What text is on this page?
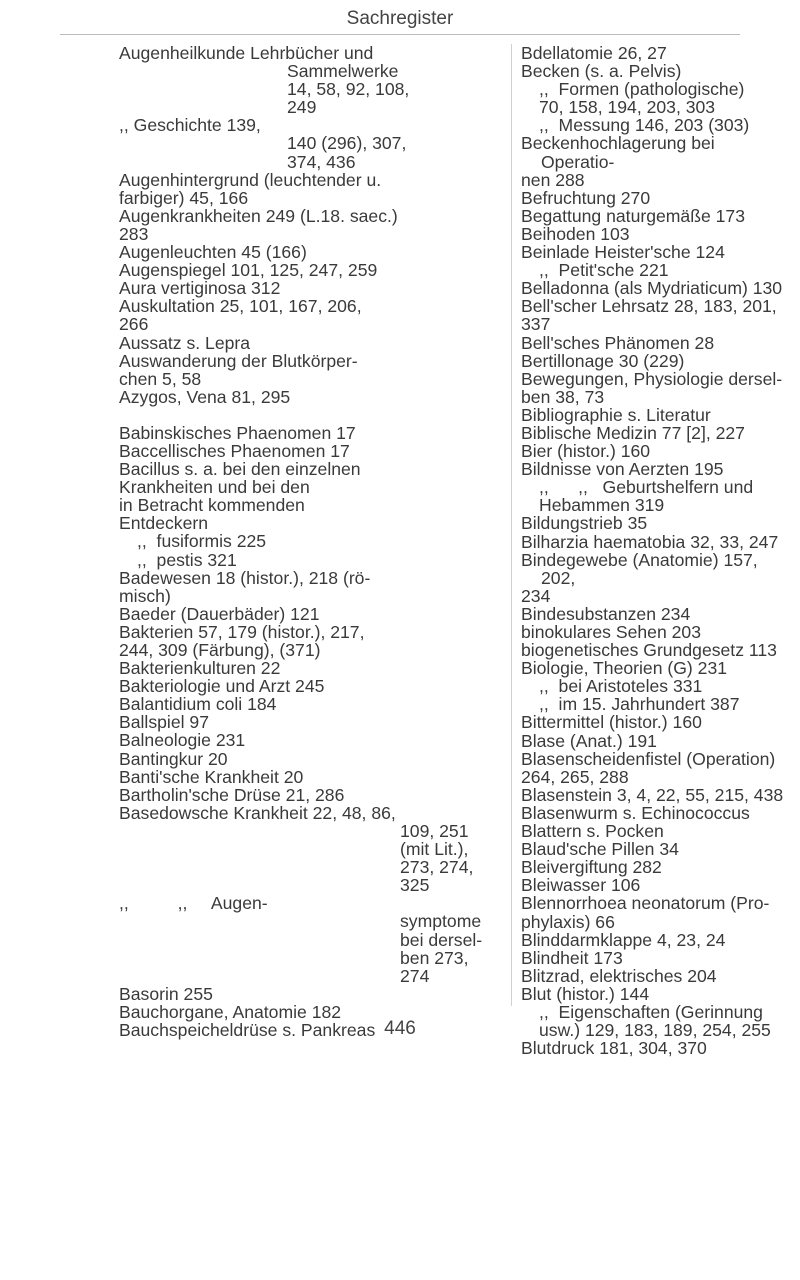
Sachregister
Augenheilkunde Lehrbücher und
Sammelwerke
14, 58, 92, 108,
249
,, Geschichte 139,
140 (296), 307,
374, 436
Augenhintergrund (leuchtender u.
farbiger) 45, 166
Augenkrankheiten 249 (L.18. saec.)
283
Augenleuchten 45 (166)
Augenspiegel 101, 125, 247, 259
Aura vertiginosa 312
Auskultation 25, 101, 167, 206,
266
Aussatz s. Lepra
Auswanderung der Blutkörper-
chen 5, 58
Azygos, Vena 81, 295
Babinskisches Phaenomen 17
Baccellisches Phaenomen 17
Bacillus s. a. bei den einzelnen
Krankheiten und bei den
in Betracht kommenden
Entdeckern
,,  fusiformis 225
,,  pestis 321
Badewesen 18 (histor.), 218 (rö-
misch)
Baeder (Dauerbäder) 121
Bakterien 57, 179 (histor.), 217,
244, 309 (Färbung), (371)
Bakterienkulturen 22
Bakteriologie und Arzt 245
Balantidium coli 184
Ballspiel 97
Balneologie 231
Bantingkur 20
Banti'sche Krankheit 20
Bartholin'sche Drüse 21, 286
Basedowsche Krankheit 22, 48, 86,
109, 251
(mit Lit.),
273, 274,
325
,,          ,,     Augen-
symptome
bei dersel-
ben 273, 274
Basorin 255
Bauchorgane, Anatomie 182
Bauchspeicheldrüse s. Pankreas
Bdellatomie 26, 27
Becken (s. a. Pelvis)
,,  Formen (pathologische)
70, 158, 194, 203, 303
,,  Messung 146, 203 (303)
Beckenhochlagerung bei Operatio-
nen 288
Befruchtung 270
Begattung naturgemäße 173
Beihoden 103
Beinlade Heister'sche 124
,,  Petit'sche 221
Belladonna (als Mydriaticum) 130
Bell'scher Lehrsatz 28, 183, 201,
337
Bell'sches Phänomen 28
Bertillonage 30 (229)
Bewegungen, Physiologie dersel-
ben 38, 73
Bibliographie s. Literatur
Biblische Medizin 77 [2], 227
Bier (histor.) 160
Bildnisse von Aerzten 195
,,      ,,   Geburtshelfern und
Hebammen 319
Bildungstrieb 35
Bilharzia haematobia 32, 33, 247
Bindegewebe (Anatomie) 157, 202,
234
Bindesubstanzen 234
binokulares Sehen 203
biogenetisches Grundgesetz 113
Biologie, Theorien (G) 231
,,  bei Aristoteles 331
,,  im 15. Jahrhundert 387
Bittermittel (histor.) 160
Blase (Anat.) 191
Blasenscheidenfistel (Operation)
264, 265, 288
Blasenstein 3, 4, 22, 55, 215, 438
Blasenwurm s. Echinococcus
Blattern s. Pocken
Blaud'sche Pillen 34
Bleivergiftung 282
Bleiwasser 106
Blennorrhoea neonatorum (Pro-
phylaxis) 66
Blinddarmklappe 4, 23, 24
Blindheit 173
Blitzrad, elektrisches 204
Blut (histor.) 144
,,  Eigenschaften (Gerinnung
usw.) 129, 183, 189, 254, 255
Blutdruck 181, 304, 370
446
